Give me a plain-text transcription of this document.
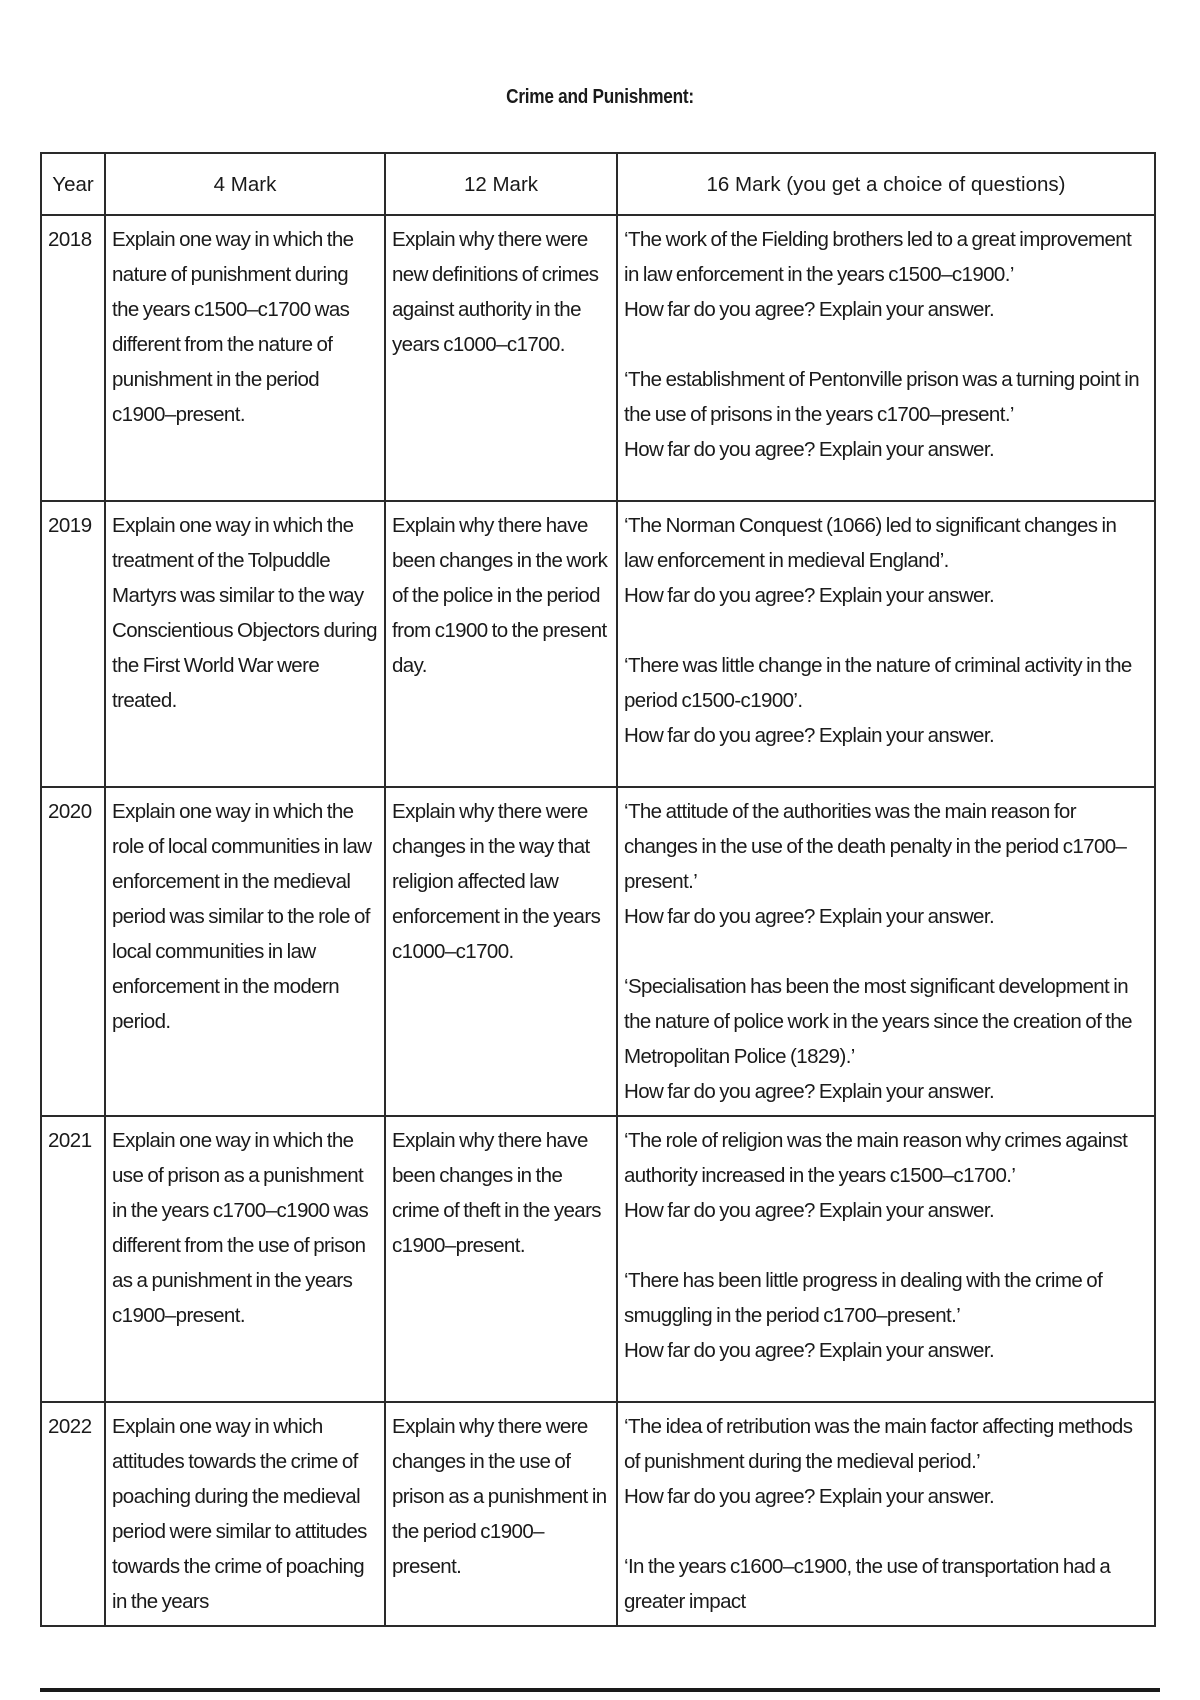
Crime and Punishment:
Year	4 Mark	12 Mark	16 Mark (you get a choice of questions)

2018	Explain one way in which the nature of punishment during the years c1500–c1700 was different from the nature of punishment in the period c1900–present.	Explain why there were new definitions of crimes against authority in the years c1000–c1700.	‘The work of the Fielding brothers led to a great improvement in law enforcement in the years c1500–c1900.’
How far do you agree? Explain your answer.

‘The establishment of Pentonville prison was a turning point in the use of prisons in the years c1700–present.’
How far do you agree? Explain your answer.

2019	Explain one way in which the treatment of the Tolpuddle Martyrs was similar to the way Conscientious Objectors during the First World War were treated.	Explain why there have been changes in the work of the police in the period from c1900 to the present day.	‘The Norman Conquest (1066) led to significant changes in law enforcement in medieval England’.
How far do you agree? Explain your answer.

‘There was little change in the nature of criminal activity in the period c1500-c1900’.
How far do you agree? Explain your answer.

2020	Explain one way in which the role of local communities in law enforcement in the medieval period was similar to the role of local communities in law enforcement in the modern period.	Explain why there were changes in the way that religion affected law enforcement in the years c1000–c1700.	‘The attitude of the authorities was the main reason for changes in the use of the death penalty in the period c1700–present.’
How far do you agree? Explain your answer.

‘Specialisation has been the most significant development in the nature of police work in the years since the creation of the Metropolitan Police (1829).’
How far do you agree? Explain your answer.

2021	Explain one way in which the use of prison as a punishment in the years c1700–c1900 was different from the use of prison as a punishment in the years c1900–present.	Explain why there have been changes in the crime of theft in the years c1900–present.	‘The role of religion was the main reason why crimes against authority increased in the years c1500–c1700.’
How far do you agree? Explain your answer.

‘There has been little progress in dealing with the crime of smuggling in the period c1700–present.’
How far do you agree? Explain your answer.

2022	Explain one way in which attitudes towards the crime of poaching during the medieval period were similar to attitudes towards the crime of poaching in the years	Explain why there were changes in the use of prison as a punishment in the period c1900–present.	‘The idea of retribution was the main factor affecting methods of punishment during the medieval period.’
How far do you agree? Explain your answer.

‘In the years c1600–c1900, the use of transportation had a greater impact
